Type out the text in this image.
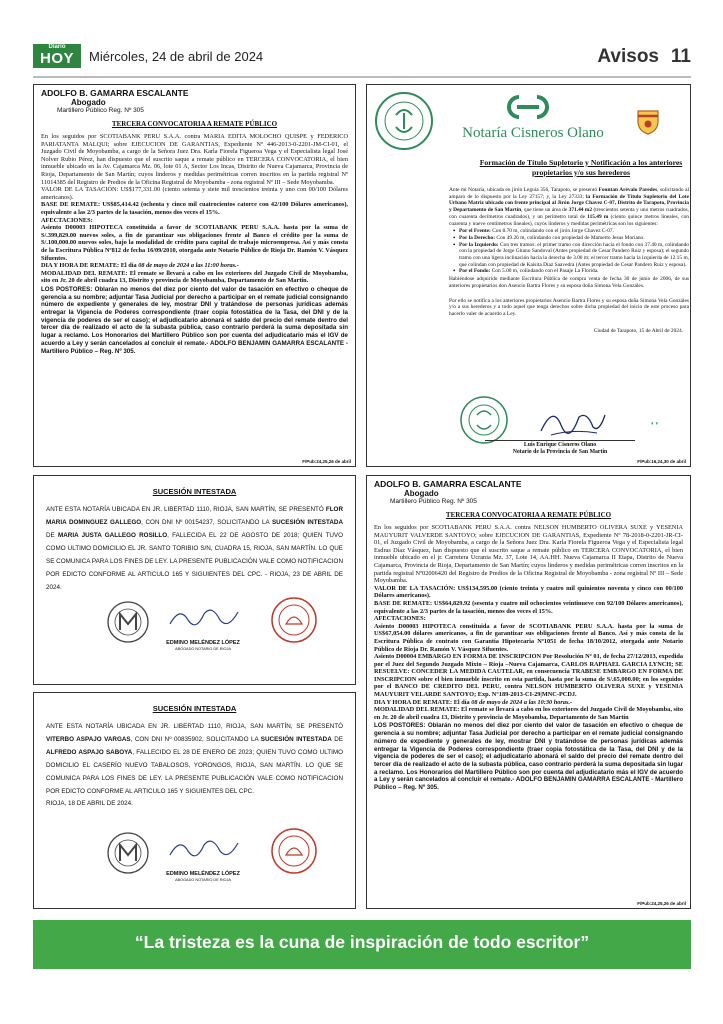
Diario
HOY	Miércoles, 24 de abril de 2024	Avisos 11
ADOLFO B. GAMARRA ESCALANTE
Abogado
Martillero Público Reg. Nº 305
TERCERA CONVOCATORIA A REMATE PÚBLICO

En los seguidos por SCOTIABANK PERU S.A.A. contra MARIA EDITA MOLOCHO QUISPE y FEDERICO PARIATANTA MALQUI; sobre EJECUCION DE GARANTIAS, Expediente Nº 446-2013-0-2201-JM-CI-01, el Juzgado Civil de Moyobamba, a cargo de la Señora Juez Dra. Karla Fiorela Figueroa Vega y el Especialista legal José Nolver Rubio Pérez, han dispuesto que el suscrito saque a remate público en TERCERA CONVOCATORIA, el bien inmueble ubicado en la Av. Cajamarca Mz. 06, lote 01 A, Sector Los Incas, Distrito de Nueva Cajamarca, Provincia de Rioja, Departamento de San Martín; cuyos linderos y medidas perimétricas corren inscritos en la partida registral Nº 11014385 del Registro de Predios de la Oficina Registral de Moyobamba - zona registral Nº III – Sede Moyobamba.

VALOR DE LA TASACIÓN: US$177,331.00 (ciento setenta y siete mil trescientos treinta y uno con 00/100 Dólares americanos).

BASE DE REMATE: US$85,414.42 (ochenta y cinco mil cuatrocientos catorce con 42/100 Dólares americanos), equivalente a las 2/3 partes de la tasación, menos dos veces el 15%.

AFECTACIONES:

Asiento D00003 HIPOTECA constituida a favor de SCOTIABANK PERU S.A.A. hasta por la suma de S/.399,829.00 nuevos soles, a fin de garantizar sus obligaciones frente al Banco el crédito por la suma de S/.100,000.00 nuevos soles, bajo la modalidad de crédito para capital de trabajo microempresa. Así y más consta de la Escritura Pública Nº812 de fecha 16/09/2010, otorgada ante Notario Público de Rioja Dr. Ramón V. Vásquez Sifuentes.

DIA Y HORA DE REMATE: El día 08 de mayo de 2024 a las 11:00 horas.-

MODALIDAD DEL REMATE: El remate se llevará a cabo en los exteriores del Juzgado Civil de Moyobamba, sito en Jr. 20 de abril cuadra 13, Distrito y provincia de Moyobamba, Departamento de San Martín.

LOS POSTORES: Oblarán no menos del diez por ciento del valor de tasación en efectivo o cheque de gerencia a su nombre; adjuntar Tasa Judicial por derecho a participar en el remate judicial consignando número de expediente y generales de ley, mostrar DNI y tratándose de personas jurídicas además entregar la Vigencia de Poderes correspondiente (traer copia fotostática de la Tasa, del DNI y de la vigencia de poderes de ser el caso); el adjudicatario abonará el saldo del precio del remate dentro del tercer día de realizado el acto de la subasta pública, caso contrario perderá la suma depositada sin lugar a reclamo. Los Honorarios del Martillero Público son por cuenta del adjudicatario más el IGV de acuerdo a Ley y serán cancelados al concluir el remate.- ADOLFO BENJAMIN GAMARRA ESCALANTE - Martillero Público – Reg. Nº 305.
F/Pub:24,25,26 de abril
Notaría Cisneros Olano
Formación de Título Supletorio y Notificación a los anteriores propietarios y/o sus herederos

Ante mi Notaría, ubicada en jirón Leguía 356, Tarapoto, se presentó Fountan Arévalo Paredes, solicitando al amparo de lo dispuesto por la Ley 27157; y, la Ley 27333; la Formación de Título Supletorio del Lote Urbano Matriz ubicado con frente principal al Jirón Jorge Chavez C-07, Distrito de Tarapoto, Provincia y Departamento de San Martín, que tiene un área de 371.44 m2 (trescientos setenta y uno metros cuadrados, con cuarenta decímetros cuadrados), y un perímetro total de 115.49 m (ciento quince metros lineales, con cuarenta y nueve centímetros lineales), cuyos linderos y medidas perimétricas son los siguientes:

• Por el Frente: Con 8.70 m, colindando con el jirón Jorge Chavez C-07.
• Por la Derecho: Con 49.26 m, colindando con propiedad de Mamerto Jesus Moriano.
• Por la Izquierdo: Con tres tramos: el primer tramo con dirección hacia el fondo con 37.40 m, colindando con la propiedad de Jorge Gitano Sandoval (Antes propiedad de Cesar Pandero Ruiz y esposa); el segundo tramo con una ligera inclinación hacia la derecha de 3.00 m; el tercer tramo hacia la izquierda de 12.15 m, que colindan con propiedad de Kaisita Díaz Saavedra (Antes propiedad de Cesar Pandero Ruiz y esposa).
• Por el Fondo: Con 5.00 m, colindando con el Pasaje La Florida.

Habiéndose adquirido mediante Escritura Pública de compra venta de fecha 30 de junio de 2006, de sus anteriores propietarios don Asencio Bartra Flores y su esposa doña Simona Vela Gonzáles.

Por ello se notifica a los anteriores propietarios Asencio Bartra Flores y su esposa doña Simona Vela Gonzáles y/o a sus herederos y a todo aquel que tenga derechos sobre dicha propiedad del inicio de este proceso para hacerlo valer de acuerdo a Ley.

Ciudad de Tarapoto, 15 de Abril de 2024.

◐◑
Luis Enrique Cisneros Olano
Notario de la Provincia de San Martín
F/Pub:16,24,30 de abril
SUCESIÓN INTESTADA
ANTE ESTA NOTARÍA UBICADA EN JR. LIBERTAD 1110, RIOJA, SAN MARTÍN, SE PRESENTÓ FLOR MARIA DOMINGUEZ GALLEGO, CON DNI Nº 00154237, SOLICITANDO LA SUCESIÓN INTESTADA DE MARIA JUSTA GALLEGO ROSILLO, FALLECIDA EL 22 DE AGOSTO DE 2018; QUIEN TUVO COMO ULTIMO DOMICILIO EL JR. SANTO TORIBIO S/N, CUADRA 15, RIOJA, SAN MARTÍN. LO QUE SE COMUNICA PARA LOS FINES DE LEY. LA PRESENTE PUBLICACIÓN VALE COMO NOTIFICACION POR EDICTO CONFORME AL ARTICULO 165 Y SIGUIENTES DEL CPC. - RIOJA, 23 DE ABRIL DE 2024.
EDMINO MELÉNDEZ LÓPEZ
ABOGADO NOTARIO DE RIOJA
SUCESIÓN INTESTADA
ANTE ESTA NOTARÍA UBICADA EN JR. LIBERTAD 1110, RIOJA, SAN MARTÍN, SE PRESENTÓ VITERBO ASPAJO VARGAS, CON DNI Nº 00835902, SOLICITANDO LA SUCESIÓN INTESTADA DE ALFREDO ASPAJO SABOYA, FALLECIDO EL 28 DE ENERO DE 2023; QUIEN TUVO COMO ULTIMO DOMICILIO EL CASERÍO NUEVO TABALOSOS, YORONGOS, RIOJA, SAN MARTÍN. LO QUE SE COMUNICA PARA LOS FINES DE LEY. LA PRESENTE PUBLICACIÓN VALE COMO NOTIFICACION POR EDICTO CONFORME AL ARTICULO 165 Y SIGUIENTES DEL CPC.
RIOJA, 18 DE ABRIL DE 2024.
EDMINO MELÉNDEZ LÓPEZ
ABOGADO NOTARIO DE RIOJA
ADOLFO B. GAMARRA ESCALANTE
Abogado
Martillero Público Reg. Nº 305
TERCERA CONVOCATORIA A REMATE PÚBLICO

En los seguidos por SCOTIABANK PERU S.A.A. contra NELSON HUMBERTO OLIVERA SUXE y YESENIA MAUYURIT VALVERDE SANTOYO; sobre EJECUCION DE GARANTIAS, Expediente Nº 78-2018-0-2201-JR-CI-01, el Juzgado Civil de Moyobamba, a cargo de la Señora Juez Dra. Karla Fiorela Figueroa Vega y el Especialista legal Esdras Díaz Vásquez, han dispuesto que el suscrito saque a remate público en TERCERA CONVOCATORIA, el bien inmueble ubicado en el jr. Carretera Ucrania Mz. 37, Lote 14, AA.HH. Nueva Cajamarca II Etapa, Distrito de Nueva Cajamarca, Provincia de Rioja, Departamento de San Martín; cuyos linderos y medidas perimétricas corren inscritos en la partida registral Nº02006420 del Registro de Predios de la Oficina Registral de Moyobamba - zona registral Nº III – Sede Moyobamba.

VALOR DE LA TASACIÓN: US$134,595.00 (ciento treinta y cuatro mil quinientos noventa y cinco con 00/100 Dólares americanos).

BASE DE REMATE: US$64,829.92 (sesenta y cuatro mil ochocientos veintinueve con 92/100 Dólares americanos), equivalente a las 2/3 partes de la tasación, menos dos veces el 15%.

AFECTACIONES:

Asiento D00003 HIPOTECA constituida a favor de SCOTIABANK PERU S.A.A. hasta por la suma de US$67,054.00 dólares americanos, a fin de garantizar sus obligaciones frente al Banco. Así y más consta de la Escritura Pública de contrato con Garantía Hipotecaria Nº1051 de fecha 18/10/2012, otorgada ante Notario Público de Rioja Dr. Ramón V. Vásquez Sifuentes.

Asiento D00004 EMBARGO EN FORMA DE INSCRIPCION Por Resolución Nº 01, de fecha 27/12/2013, expedida por el Juez del Segundo Juzgado Mixto – Rioja –Nueva Cajamarca, CARLOS RAPHAEL GARCIA LYNCH; SE RESUELVE: CONCEDER LA MEDIDA CAUTELAR, en consecuencia TRABESE EMBARGO EN FORMA DE INSCRIPCION sobre el bien inmueble inscrito en esta partida, hasta por la suma de S/.65,000.00; en los seguidos por el BANCO DE CREDITO DEL PERU, contra NELSON HUMBERTO OLIVERA SUXE y YESENIA MAUYURIT VELARDE SANTOYO; Exp. N°189-2013-CI-29|MNC-PCDJ.

DIA Y HORA DE REMATE: El día 08 de mayo de 2024 a las 10:30 horas.-

MODALIDAD DEL REMATE: El remate se llevará a cabo en los exteriores del Juzgado Civil de Moyobamba, sito en Jr. 20 de abril cuadra 13, Distrito y provincia de Moyobamba, Departamento de San Martín

LOS POSTORES: Oblarán no menos del diez por ciento del valor de tasación en efectivo o cheque de gerencia a su nombre; adjuntar Tasa Judicial por derecho a participar en el remate judicial consignando número de expediente y generales de ley, mostrar DNI y tratándose de personas jurídicas además entregar la Vigencia de Poderes correspondiente (traer copia fotostática de la Tasa, del DNI y de la vigencia de poderes de ser el caso); el adjudicatario abonará el saldo del precio del remate dentro del tercer día de realizado el acto de la subasta pública, caso contrario perderá la suma depositada sin lugar a reclamo. Los Honorarios del Martillero Público son por cuenta del adjudicatario más el IGV de acuerdo a Ley y serán cancelados al concluir el remate.- ADOLFO BENJAMIN GAMARRA ESCALANTE - Martillero Público – Reg. Nº 305.
F/Pub:24,25,26 de abril
“La tristeza es la cuna de inspiración de todo escritor”
